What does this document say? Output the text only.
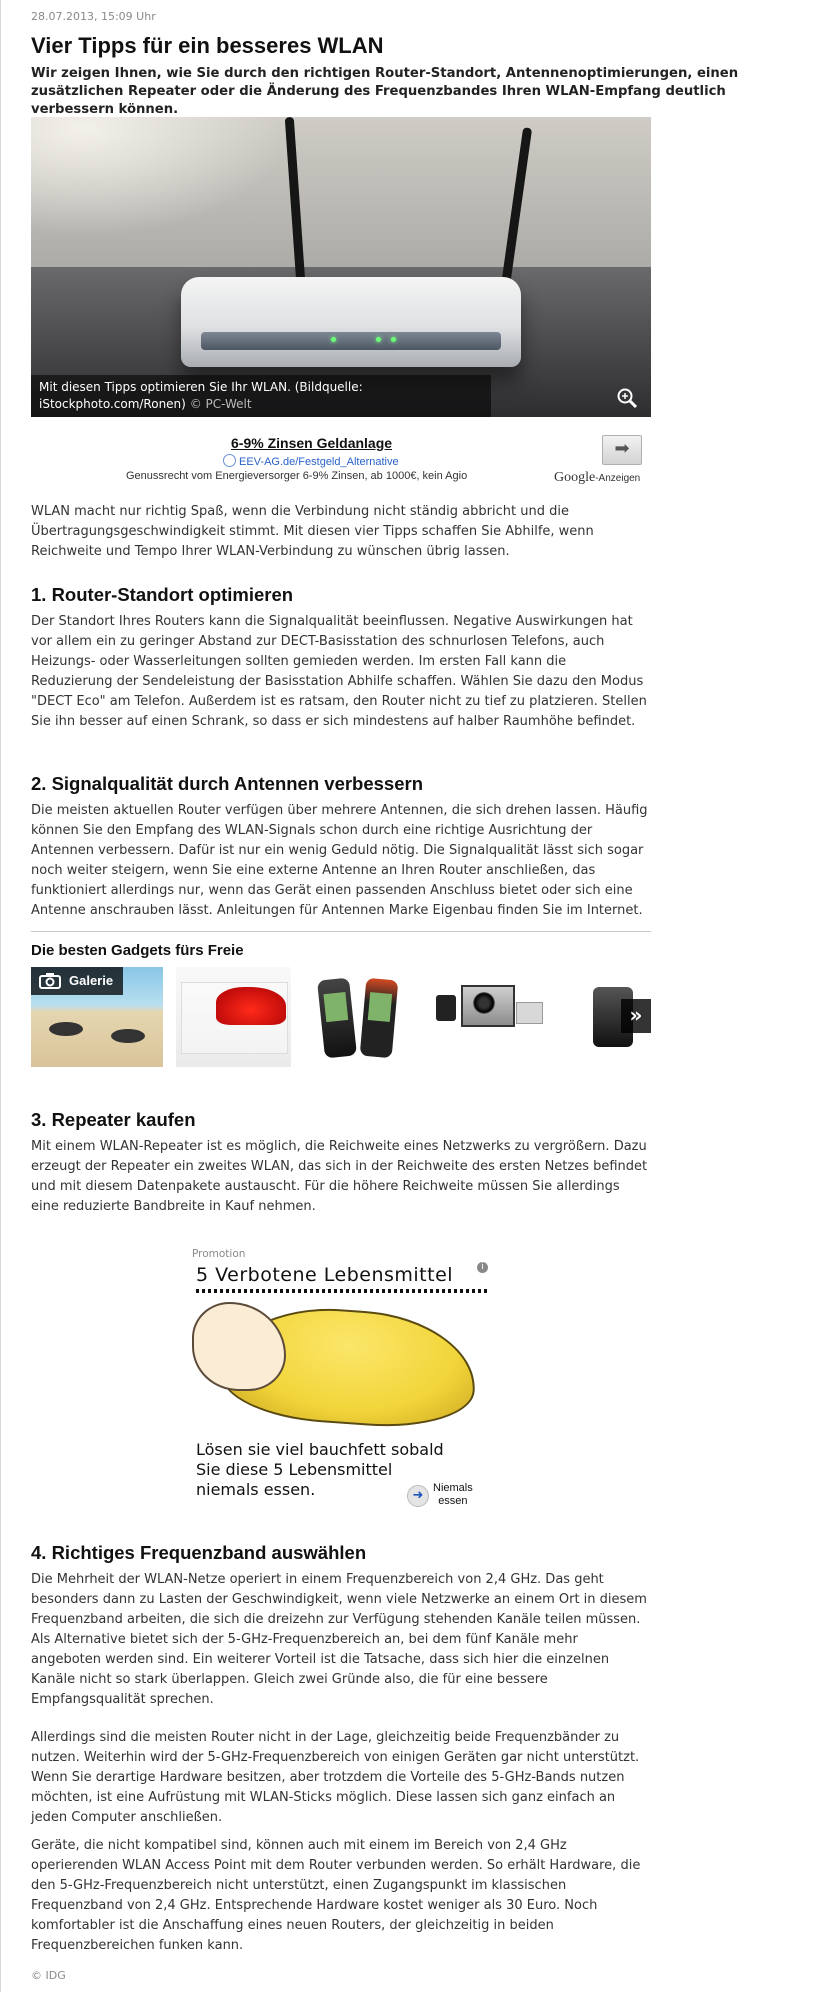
28.07.2013, 15:09 Uhr
Vier Tipps für ein besseres WLAN
Wir zeigen Ihnen, wie Sie durch den richtigen Router-Standort, Antennenoptimierungen, einen zusätzlichen Repeater oder die Änderung des Frequenzbandes Ihren WLAN-Empfang deutlich verbessern können.
Mit diesen Tipps optimieren Sie Ihr WLAN. (Bildquelle: iStockphoto.com/Ronen) © PC-Welt
6-9% Zinsen Geldanlage
EEV-AG.de/Festgeld_Alternative
Genussrecht vom Energieversorger 6-9% Zinsen, ab 1000€, kein Agio
➡
Google-Anzeigen
WLAN macht nur richtig Spaß, wenn die Verbindung nicht ständig abbricht und die Übertragungsgeschwindigkeit stimmt. Mit diesen vier Tipps schaffen Sie Abhilfe, wenn Reichweite und Tempo Ihrer WLAN-Verbindung zu wünschen übrig lassen.
1. Router-Standort optimieren
Der Standort Ihres Routers kann die Signalqualität beeinflussen. Negative Auswirkungen hat vor allem ein zu geringer Abstand zur DECT-Basisstation des schnurlosen Telefons, auch Heizungs- oder Wasserleitungen sollten gemieden werden. Im ersten Fall kann die Reduzierung der Sendeleistung der Basisstation Abhilfe schaffen. Wählen Sie dazu den Modus "DECT Eco" am Telefon. Außerdem ist es ratsam, den Router nicht zu tief zu platzieren. Stellen Sie ihn besser auf einen Schrank, so dass er sich mindestens auf halber Raumhöhe befindet.
2. Signalqualität durch Antennen verbessern
Die meisten aktuellen Router verfügen über mehrere Antennen, die sich drehen lassen. Häufig können Sie den Empfang des WLAN-Signals schon durch eine richtige Ausrichtung der Antennen verbessern. Dafür ist nur ein wenig Geduld nötig. Die Signalqualität lässt sich sogar noch weiter steigern, wenn Sie eine externe Antenne an Ihren Router anschließen, das funktioniert allerdings nur, wenn das Gerät einen passenden Anschluss bietet oder sich eine Antenne anschrauben lässt. Anleitungen für Antennen Marke Eigenbau finden Sie im Internet.
Die besten Gadgets fürs Freie
Galerie
»
3. Repeater kaufen
Mit einem WLAN-Repeater ist es möglich, die Reichweite eines Netzwerks zu vergrößern. Dazu erzeugt der Repeater ein zweites WLAN, das sich in der Reichweite des ersten Netzes befindet und mit diesem Datenpakete austauscht. Für die höhere Reichweite müssen Sie allerdings eine reduzierte Bandbreite in Kauf nehmen.
Promotion
5 Verbotene Lebensmittel	i
Lösen sie viel bauchfett sobald
Sie diese 5 Lebensmittel
niemals essen.	➜ Niemals
essen
4. Richtiges Frequenzband auswählen
Die Mehrheit der WLAN-Netze operiert in einem Frequenzbereich von 2,4 GHz. Das geht besonders dann zu Lasten der Geschwindigkeit, wenn viele Netzwerke an einem Ort in diesem Frequenzband arbeiten, die sich die dreizehn zur Verfügung stehenden Kanäle teilen müssen. Als Alternative bietet sich der 5-GHz-Frequenzbereich an, bei dem fünf Kanäle mehr angeboten werden sind. Ein weiterer Vorteil ist die Tatsache, dass sich hier die einzelnen Kanäle nicht so stark überlappen. Gleich zwei Gründe also, die für eine bessere Empfangsqualität sprechen.
Allerdings sind die meisten Router nicht in der Lage, gleichzeitig beide Frequenzbänder zu nutzen. Weiterhin wird der 5-GHz-Frequenzbereich von einigen Geräten gar nicht unterstützt. Wenn Sie derartige Hardware besitzen, aber trotzdem die Vorteile des 5-GHz-Bands nutzen möchten, ist eine Aufrüstung mit WLAN-Sticks möglich. Diese lassen sich ganz einfach an jeden Computer anschließen.
Geräte, die nicht kompatibel sind, können auch mit einem im Bereich von 2,4 GHz operierenden WLAN Access Point mit dem Router verbunden werden. So erhält Hardware, die den 5-GHz-Frequenzbereich nicht unterstützt, einen Zugangspunkt im klassischen Frequenzband von 2,4 GHz. Entsprechende Hardware kostet weniger als 30 Euro. Noch komfortabler ist die Anschaffung eines neuen Routers, der gleichzeitig in beiden Frequenzbereichen funken kann.
© IDG
